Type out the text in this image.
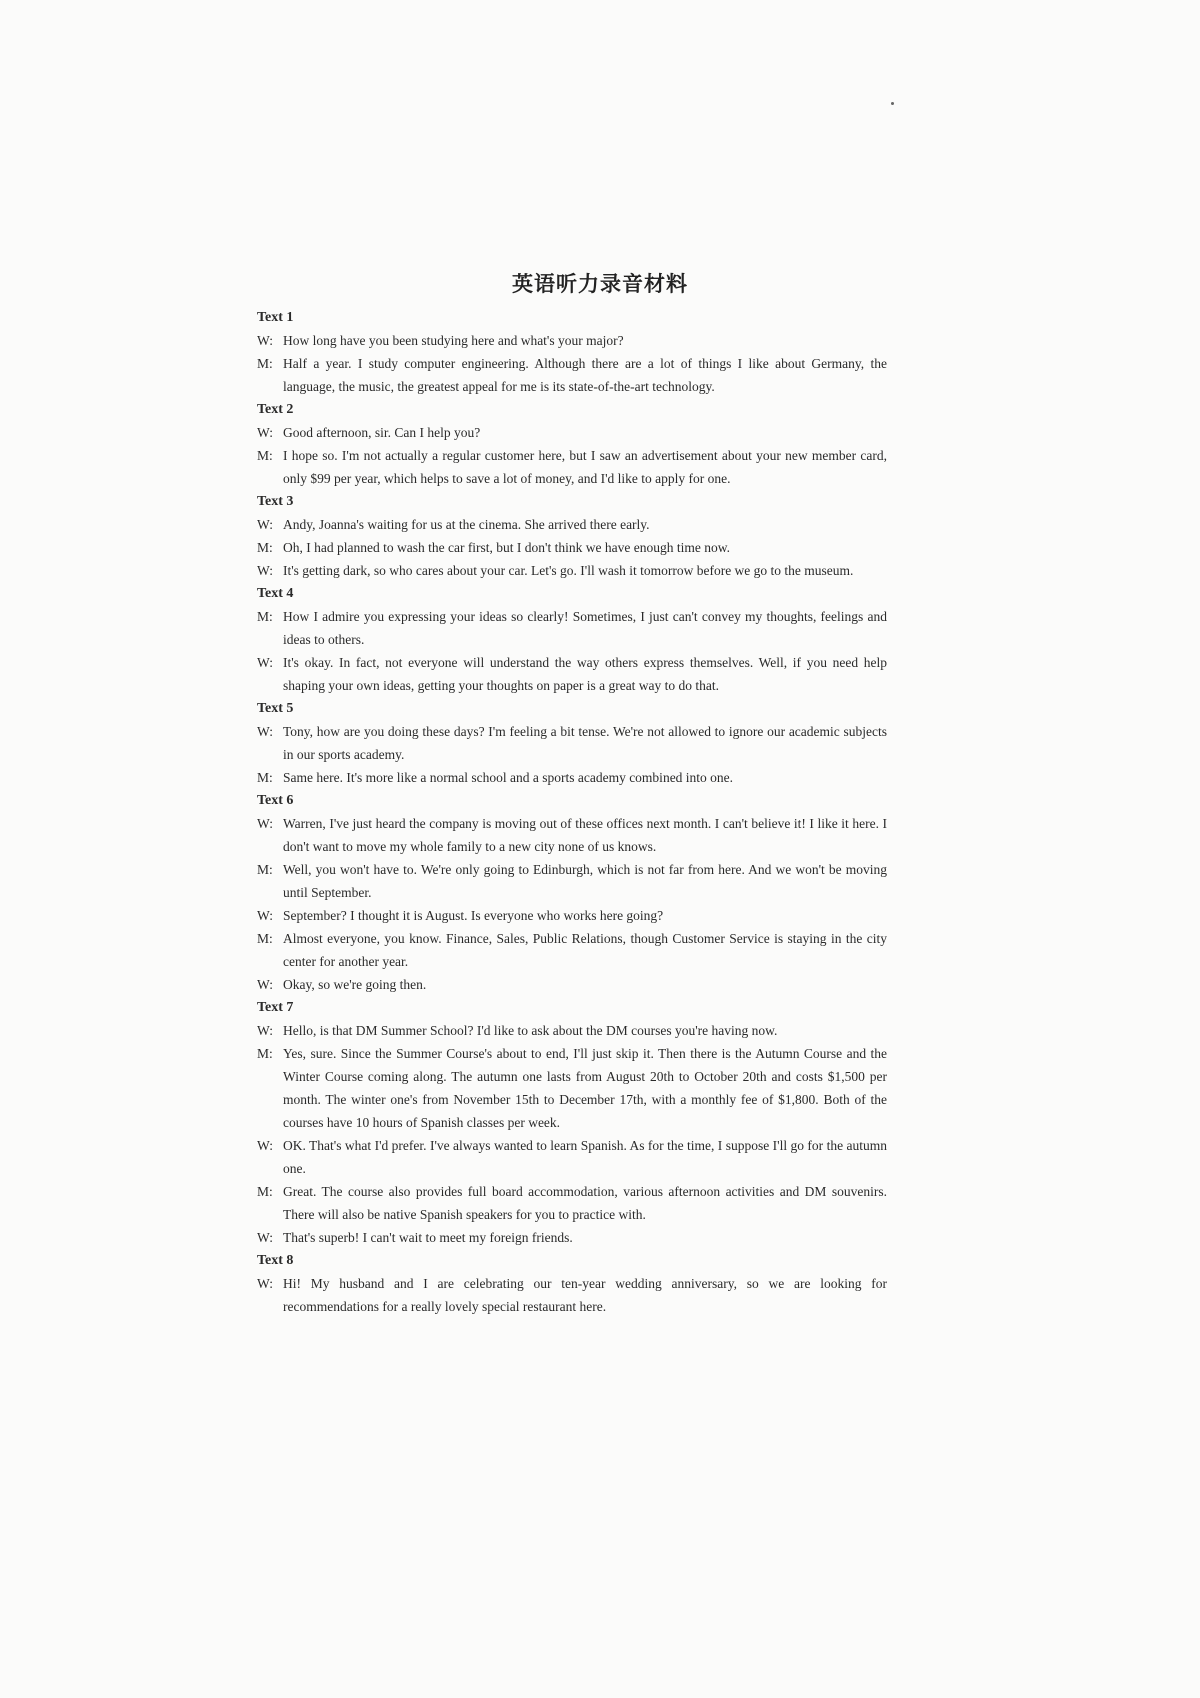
英语听力录音材料
Text 1
W: How long have you been studying here and what's your major?
M: Half a year. I study computer engineering. Although there are a lot of things I like about Germany, the language, the music, the greatest appeal for me is its state-of-the-art technology.
Text 2
W: Good afternoon, sir. Can I help you?
M: I hope so. I'm not actually a regular customer here, but I saw an advertisement about your new member card, only $99 per year, which helps to save a lot of money, and I'd like to apply for one.
Text 3
W: Andy, Joanna's waiting for us at the cinema. She arrived there early.
M: Oh, I had planned to wash the car first, but I don't think we have enough time now.
W: It's getting dark, so who cares about your car. Let's go. I'll wash it tomorrow before we go to the museum.
Text 4
M: How I admire you expressing your ideas so clearly! Sometimes, I just can't convey my thoughts, feelings and ideas to others.
W: It's okay. In fact, not everyone will understand the way others express themselves. Well, if you need help shaping your own ideas, getting your thoughts on paper is a great way to do that.
Text 5
W: Tony, how are you doing these days? I'm feeling a bit tense. We're not allowed to ignore our academic subjects in our sports academy.
M: Same here. It's more like a normal school and a sports academy combined into one.
Text 6
W: Warren, I've just heard the company is moving out of these offices next month. I can't believe it! I like it here. I don't want to move my whole family to a new city none of us knows.
M: Well, you won't have to. We're only going to Edinburgh, which is not far from here. And we won't be moving until September.
W: September? I thought it is August. Is everyone who works here going?
M: Almost everyone, you know. Finance, Sales, Public Relations, though Customer Service is staying in the city center for another year.
W: Okay, so we're going then.
Text 7
W: Hello, is that DM Summer School? I'd like to ask about the DM courses you're having now.
M: Yes, sure. Since the Summer Course's about to end, I'll just skip it. Then there is the Autumn Course and the Winter Course coming along. The autumn one lasts from August 20th to October 20th and costs $1,500 per month. The winter one's from November 15th to December 17th, with a monthly fee of $1,800. Both of the courses have 10 hours of Spanish classes per week.
W: OK. That's what I'd prefer. I've always wanted to learn Spanish. As for the time, I suppose I'll go for the autumn one.
M: Great. The course also provides full board accommodation, various afternoon activities and DM souvenirs. There will also be native Spanish speakers for you to practice with.
W: That's superb! I can't wait to meet my foreign friends.
Text 8
W: Hi! My husband and I are celebrating our ten-year wedding anniversary, so we are looking for recommendations for a really lovely special restaurant here.
